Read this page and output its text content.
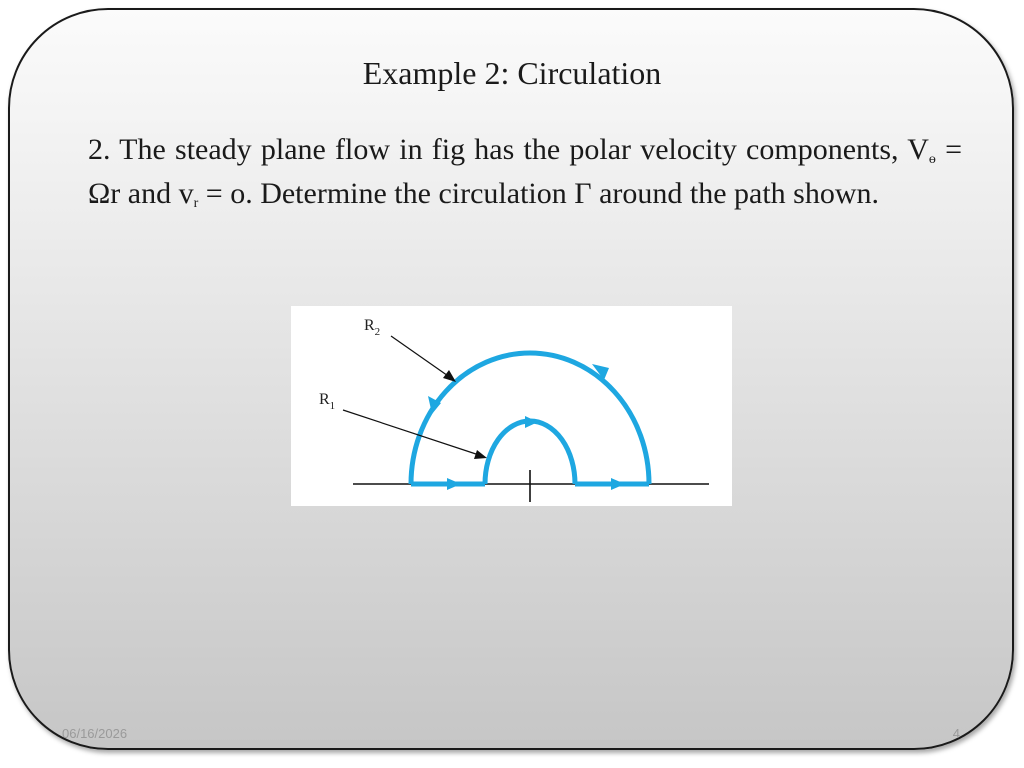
Example 2: Circulation
2. The steady plane flow in fig has the polar velocity components, $V_ɵ = \Omega r$ and $v_r = o$. Determine the circulation Γ around the path shown.
$R_2$
$R_1$
06/16/2026	4
